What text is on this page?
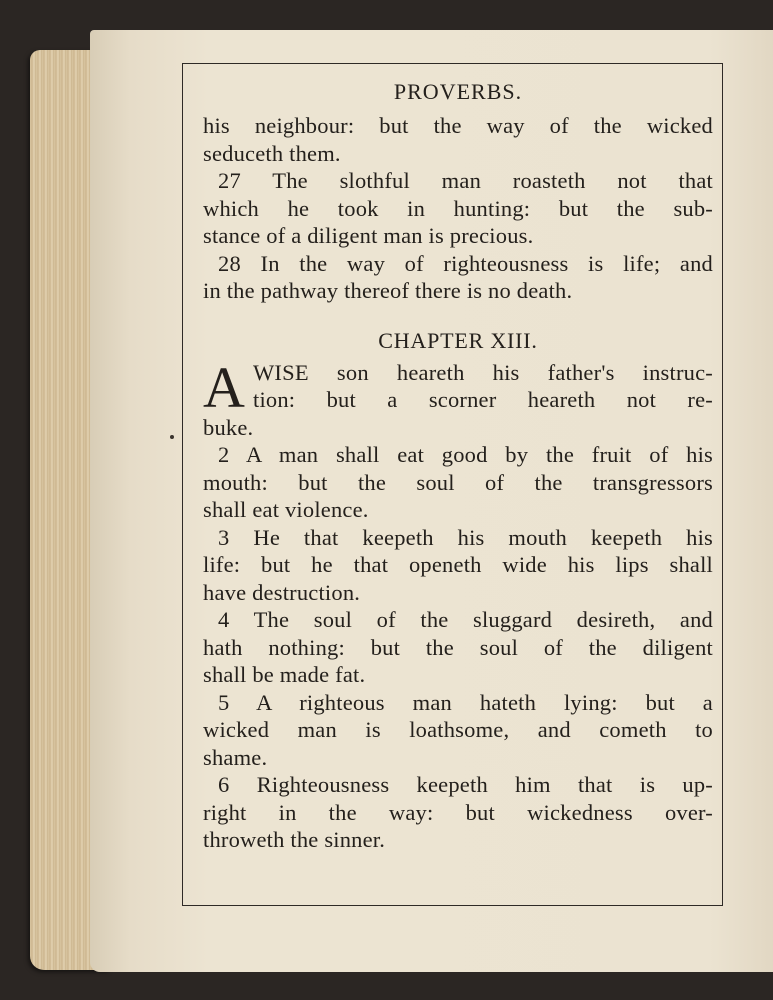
PROVERBS.
his neighbour: but the way of the wicked
seduceth them.
27 The slothful man roasteth not that
which he took in hunting: but the sub-
stance of a diligent man is precious.
28 In the way of righteousness is life; and
in the pathway thereof there is no death.
CHAPTER XIII.
A WISE son heareth his father's instruc-
tion: but a scorner heareth not re-
buke.
2 A man shall eat good by the fruit of his
mouth: but the soul of the transgressors
shall eat violence.
3 He that keepeth his mouth keepeth his
life: but he that openeth wide his lips shall
have destruction.
4 The soul of the sluggard desireth, and
hath nothing: but the soul of the diligent
shall be made fat.
5 A righteous man hateth lying: but a
wicked man is loathsome, and cometh to
shame.
6 Righteousness keepeth him that is up-
right in the way: but wickedness over-
throweth the sinner.
